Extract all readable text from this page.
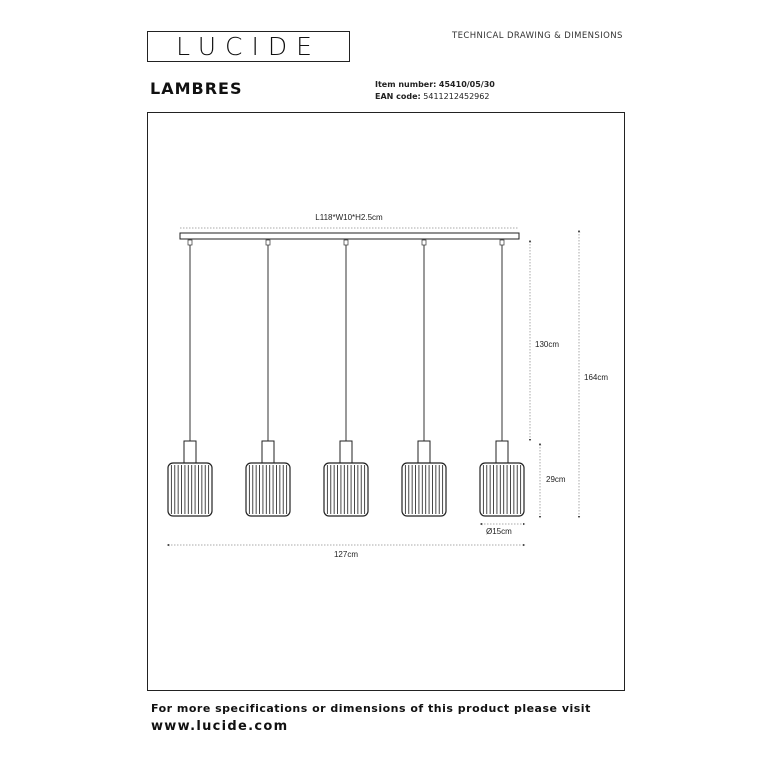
LUCIDE	TECHNICAL DRAWING & DIMENSIONS
LAMBRES	Item number: 45410/05/30
EAN code: 5411212452962
L118*W10*H2.5cm
130cm
164cm
29cm
Ø15cm
127cm
For more specifications or dimensions of this product please visit
www.lucide.com
